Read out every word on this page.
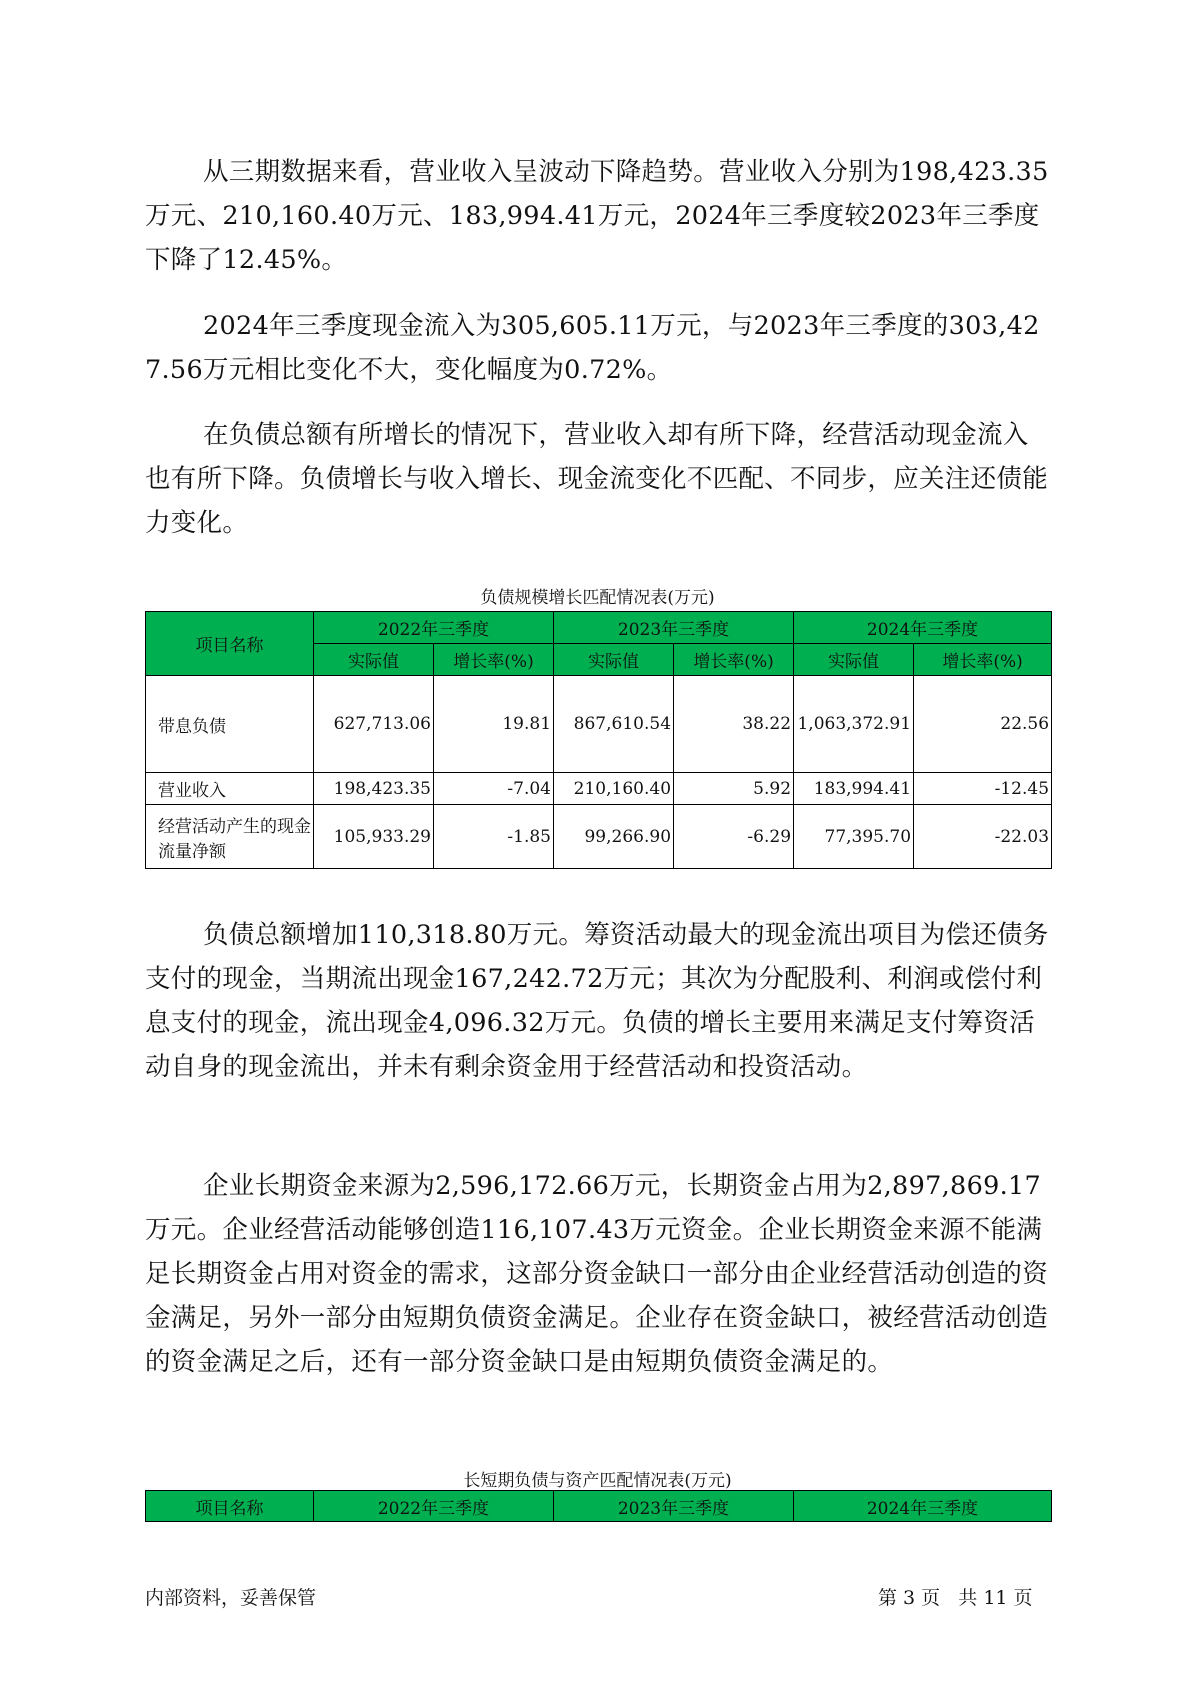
从三期数据来看，营业收入呈波动下降趋势。营业收入分别为198,423.35万元、210,160.40万元、183,994.41万元，2024年三季度较2023年三季度下降了12.45%。

2024年三季度现金流入为305,605.11万元，与2023年三季度的303,427.56万元相比变化不大，变化幅度为0.72%。

在负债总额有所增长的情况下，营业收入却有所下降，经营活动现金流入也有所下降。负债增长与收入增长、现金流变化不匹配、不同步，应关注还债能力变化。

负债规模增长匹配情况表(万元)
项目名称	2022年三季度		2023年三季度		2024年三季度	
	实际值	增长率(%)	实际值	增长率(%)	实际值	增长率(%)
带息负债	627,713.06	19.81	867,610.54	38.22	1,063,372.91	22.56
营业收入	198,423.35	-7.04	210,160.40	5.92	183,994.41	-12.45
经营活动产生的现金流量净额	105,933.29	-1.85	99,266.90	-6.29	77,395.70	-22.03

负债总额增加110,318.80万元。筹资活动最大的现金流出项目为偿还债务支付的现金，当期流出现金167,242.72万元；其次为分配股利、利润或偿付利息支付的现金，流出现金4,096.32万元。负债的增长主要用来满足支付筹资活动自身的现金流出，并未有剩余资金用于经营活动和投资活动。

企业长期资金来源为2,596,172.66万元，长期资金占用为2,897,869.17万元。企业经营活动能够创造116,107.43万元资金。企业长期资金来源不能满足长期资金占用对资金的需求，这部分资金缺口一部分由企业经营活动创造的资金满足，另外一部分由短期负债资金满足。企业存在资金缺口，被经营活动创造的资金满足之后，还有一部分资金缺口是由短期负债资金满足的。

长短期负债与资产匹配情况表(万元)
项目名称	2022年三季度	2023年三季度	2024年三季度
内部资料，妥善保管	第 3 页   共 11 页
